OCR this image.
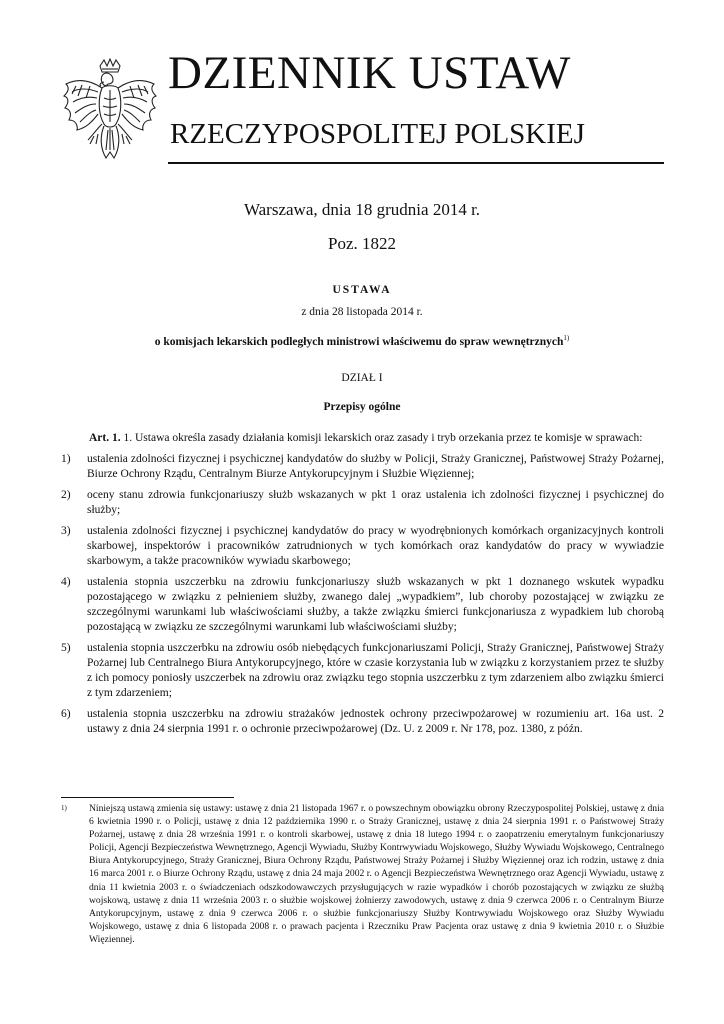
DZIENNIK USTAW
RZECZYPOSPOLITEJ POLSKIEJ
Warszawa, dnia 18 grudnia 2014 r.
Poz. 1822
USTAWA
z dnia 28 listopada 2014 r.
o komisjach lekarskich podległych ministrowi właściwemu do spraw wewnętrznych$^{1)}$
DZIAŁ I
Przepisy ogólne

Art. 1. 1. Ustawa określa zasady działania komisji lekarskich oraz zasady i tryb orzekania przez te komisje w sprawach:

1)	ustalenia zdolności fizycznej i psychicznej kandydatów do służby w Policji, Straży Granicznej, Państwowej Straży Pożarnej, Biurze Ochrony Rządu, Centralnym Biurze Antykorupcyjnym i Służbie Więziennej;
2)	oceny stanu zdrowia funkcjonariuszy służb wskazanych w pkt 1 oraz ustalenia ich zdolności fizycznej i psychicznej do służby;
3)	ustalenia zdolności fizycznej i psychicznej kandydatów do pracy w wyodrębnionych komórkach organizacyjnych kontroli skarbowej, inspektorów i pracowników zatrudnionych w tych komórkach oraz kandydatów do pracy w wywiadzie skarbowym, a także pracowników wywiadu skarbowego;
4)	ustalenia stopnia uszczerbku na zdrowiu funkcjonariuszy służb wskazanych w pkt 1 doznanego wskutek wypadku pozostającego w związku z pełnieniem służby, zwanego dalej „wypadkiem”, lub choroby pozostającej w związku ze szczególnymi warunkami lub właściwościami służby, a także związku śmierci funkcjonariusza z wypadkiem lub chorobą pozostającą w związku ze szczególnymi warunkami lub właściwościami służby;
5)	ustalenia stopnia uszczerbku na zdrowiu osób niebędących funkcjonariuszami Policji, Straży Granicznej, Państwowej Straży Pożarnej lub Centralnego Biura Antykorupcyjnego, które w czasie korzystania lub w związku z korzystaniem przez te służby z ich pomocy poniosły uszczerbek na zdrowiu oraz związku tego stopnia uszczerbku z tym zdarzeniem albo związku śmierci z tym zdarzeniem;
6)	ustalenia stopnia uszczerbku na zdrowiu strażaków jednostek ochrony przeciwpożarowej w rozumieniu art. 16a ust. 2 ustawy z dnia 24 sierpnia 1991 r. o ochronie przeciwpożarowej (Dz. U. z 2009 r. Nr 178, poz. 1380, z późn.
1)	Niniejszą ustawą zmienia się ustawy: ustawę z dnia 21 listopada 1967 r. o powszechnym obowiązku obrony Rzeczypospolitej Polskiej, ustawę z dnia 6 kwietnia 1990 r. o Policji, ustawę z dnia 12 października 1990 r. o Straży Granicznej, ustawę z dnia 24 sierpnia 1991 r. o Państwowej Straży Pożarnej, ustawę z dnia 28 września 1991 r. o kontroli skarbowej, ustawę z dnia 18 lutego 1994 r. o zaopatrzeniu emerytalnym funkcjonariuszy Policji, Agencji Bezpieczeństwa Wewnętrznego, Agencji Wywiadu, Służby Kontrwywiadu Wojskowego, Służby Wywiadu Wojskowego, Centralnego Biura Antykorupcyjnego, Straży Granicznej, Biura Ochrony Rządu, Państwowej Straży Pożarnej i Służby Więziennej oraz ich rodzin, ustawę z dnia 16 marca 2001 r. o Biurze Ochrony Rządu, ustawę z dnia 24 maja 2002 r. o Agencji Bezpieczeństwa Wewnętrznego oraz Agencji Wywiadu, ustawę z dnia 11 kwietnia 2003 r. o świadczeniach odszkodowawczych przysługujących w razie wypadków i chorób pozostających w związku ze służbą wojskową, ustawę z dnia 11 września 2003 r. o służbie wojskowej żołnierzy zawodowych, ustawę z dnia 9 czerwca 2006 r. o Centralnym Biurze Antykorupcyjnym, ustawę z dnia 9 czerwca 2006 r. o służbie funkcjonariuszy Służby Kontrwywiadu Wojskowego oraz Służby Wywiadu Wojskowego, ustawę z dnia 6 listopada 2008 r. o prawach pacjenta i Rzeczniku Praw Pacjenta oraz ustawę z dnia 9 kwietnia 2010 r. o Służbie Więziennej.
